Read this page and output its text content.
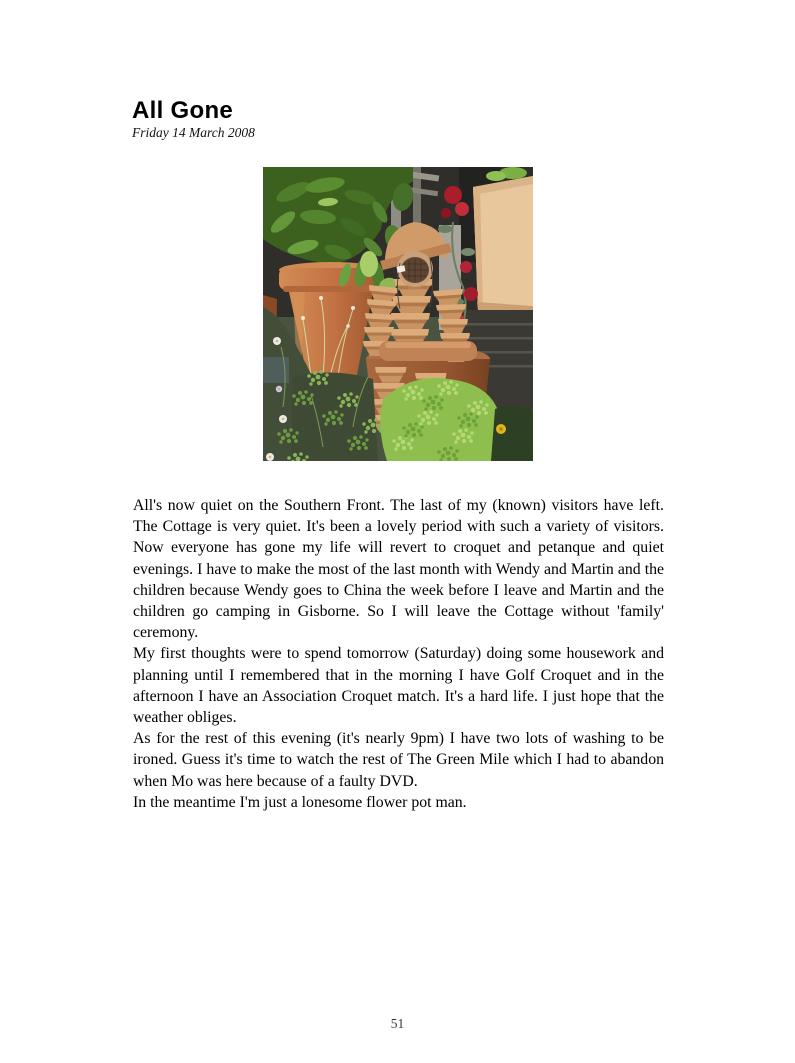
All Gone
Friday 14 March 2008

All's now quiet on the Southern Front. The last of my (known) visitors have left. The Cottage is very quiet. It's been a lovely period with such a variety of visitors. Now everyone has gone my life will revert to croquet and petanque and quiet evenings. I have to make the most of the last month with Wendy and Martin and the children because Wendy goes to China the week before I leave and Martin and the children go camping in Gisborne. So I will leave the Cottage without 'family' ceremony.

My first thoughts were to spend tomorrow (Saturday) doing some housework and planning until I remembered that in the morning I have Golf Croquet and in the afternoon I have an Association Croquet match. It's a hard life. I just hope that the weather obliges.

As for the rest of this evening (it's nearly 9pm) I have two lots of washing to be ironed. Guess it's time to watch the rest of The Green Mile which I had to abandon when Mo was here because of a faulty DVD.

In the meantime I'm just a lonesome flower pot man.

51
